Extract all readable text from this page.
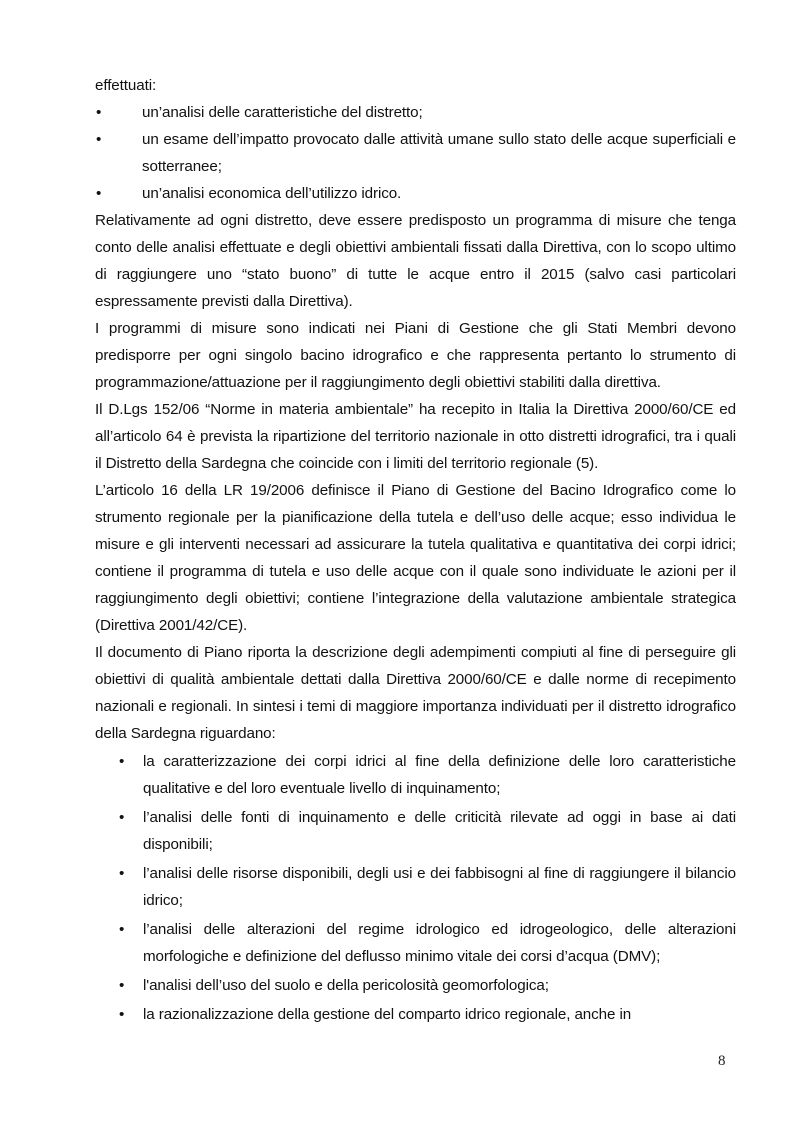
effettuati:

•	un’analisi delle caratteristiche del distretto;
•	un esame dell’impatto provocato dalle attività umane sullo stato delle acque superficiali e sotterranee;
•	un’analisi economica dell’utilizzo idrico.

Relativamente ad ogni distretto, deve essere predisposto un programma di misure che tenga conto delle analisi effettuate e degli obiettivi ambientali fissati dalla Direttiva, con lo scopo ultimo di raggiungere uno “stato buono” di tutte le acque entro il 2015 (salvo casi particolari espressamente previsti dalla Direttiva).

I programmi di misure sono indicati nei Piani di Gestione che gli Stati Membri devono predisporre per ogni singolo bacino idrografico e che rappresenta pertanto lo strumento di programmazione/attuazione per il raggiungimento degli obiettivi stabiliti dalla direttiva.

Il D.Lgs 152/06 “Norme in materia ambientale” ha recepito in Italia la Direttiva 2000/60/CE ed all’articolo 64 è prevista la ripartizione del territorio nazionale in otto distretti idrografici, tra i quali il Distretto della Sardegna che coincide con i limiti del territorio regionale (5).

L’articolo 16 della LR 19/2006 definisce il Piano di Gestione del Bacino Idrografico come lo strumento regionale per la pianificazione della tutela e dell’uso delle acque; esso individua le misure e gli interventi necessari ad assicurare la tutela qualitativa e quantitativa dei corpi idrici; contiene il programma di tutela e uso delle acque con il quale sono individuate le azioni per il raggiungimento degli obiettivi; contiene l’integrazione della valutazione ambientale strategica (Direttiva 2001/42/CE).

Il documento di Piano riporta la descrizione degli adempimenti compiuti al fine di perseguire gli obiettivi di qualità ambientale dettati dalla Direttiva 2000/60/CE e dalle norme di recepimento nazionali e regionali. In sintesi i temi di maggiore importanza individuati per il distretto idrografico della Sardegna riguardano:

• la caratterizzazione dei corpi idrici al fine della definizione delle loro caratteristiche qualitative e del loro eventuale livello di inquinamento;
• l’analisi delle fonti di inquinamento e delle criticità rilevate ad oggi in base ai dati disponibili;
• l’analisi delle risorse disponibili, degli usi e dei fabbisogni al fine di raggiungere il bilancio idrico;
• l’analisi delle alterazioni del regime idrologico ed idrogeologico, delle alterazioni morfologiche e definizione del deflusso minimo vitale dei corsi d’acqua (DMV);
• l'analisi dell’uso del suolo e della pericolosità geomorfologica;
• la razionalizzazione della gestione del comparto idrico regionale, anche in
8
